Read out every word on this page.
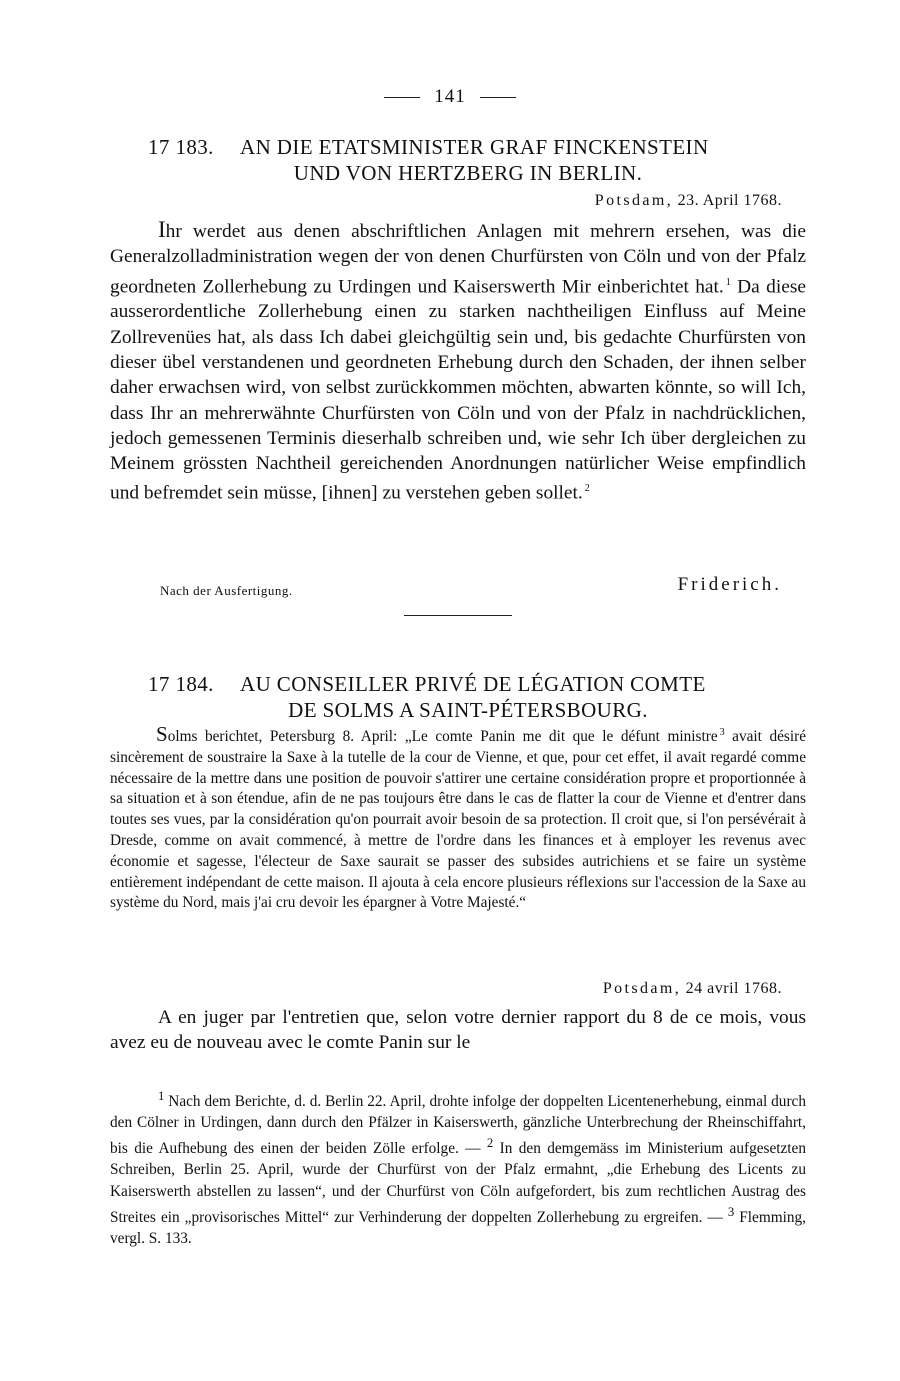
141
17 183. AN DIE ETATSMINISTER GRAF FINCKENSTEIN
UND VON HERTZBERG IN BERLIN.
Potsdam, 23. April 1768.

Ihr werdet aus denen abschriftlichen Anlagen mit mehrern ersehen, was die Generalzolladministration wegen der von denen Churfürsten von Cöln und von der Pfalz geordneten Zollerhebung zu Urdingen und Kaiserswerth Mir einberichtet hat. $^1$ Da diese ausserordentliche Zollerhebung einen zu starken nachtheiligen Einfluss auf Meine Zollrevenües hat, als dass Ich dabei gleichgültig sein und, bis gedachte Churfürsten von dieser übel verstandenen und geordneten Erhebung durch den Schaden, der ihnen selber daher erwachsen wird, von selbst zurückkommen möchten, abwarten könnte, so will Ich, dass Ihr an mehrerwähnte Churfürsten von Cöln und von der Pfalz in nachdrücklichen, jedoch gemessenen Terminis dieserhalb schreiben und, wie sehr Ich über dergleichen zu Meinem grössten Nachtheil gereichenden Anordnungen natürlicher Weise empfindlich und befremdet sein müsse, [ihnen] zu verstehen geben sollet. $^2$

Nach der Ausfertigung.	Friderich.
17 184. AU CONSEILLER PRIVÉ DE LÉGATION COMTE
DE SOLMS A SAINT-PÉTERSBOURG.

Solms berichtet, Petersburg 8. April: „Le comte Panin me dit que le défunt ministre $^3$ avait désiré sincèrement de soustraire la Saxe à la tutelle de la cour de Vienne, et que, pour cet effet, il avait regardé comme nécessaire de la mettre dans une position de pouvoir s'attirer une certaine considération propre et proportionnée à sa situation et à son étendue, afin de ne pas toujours être dans le cas de flatter la cour de Vienne et d'entrer dans toutes ses vues, par la considération qu'on pourrait avoir besoin de sa protection. Il croit que, si l'on persévérait à Dresde, comme on avait commencé, à mettre de l'ordre dans les finances et à employer les revenus avec économie et sagesse, l'électeur de Saxe saurait se passer des subsides autrichiens et se faire un système entièrement indépendant de cette maison. Il ajouta à cela encore plusieurs réflexions sur l'accession de la Saxe au système du Nord, mais j'ai cru devoir les épargner à Votre Majesté.“

Potsdam, 24 avril 1768.

A en juger par l'entretien que, selon votre dernier rapport du 8 de ce mois, vous avez eu de nouveau avec le comte Panin sur le

$^1$ Nach dem Berichte, d. d. Berlin 22. April, drohte infolge der doppelten Licentenerhebung, einmal durch den Cölner in Urdingen, dann durch den Pfälzer in Kaiserswerth, gänzliche Unterbrechung der Rheinschiffahrt, bis die Aufhebung des einen der beiden Zölle erfolge. — $^2$ In den demgemäss im Ministerium aufgesetzten Schreiben, Berlin 25. April, wurde der Churfürst von der Pfalz ermahnt, „die Erhebung des Licents zu Kaiserswerth abstellen zu lassen“, und der Churfürst von Cöln aufgefordert, bis zum rechtlichen Austrag des Streites ein „provisorisches Mittel“ zur Verhinderung der doppelten Zollerhebung zu ergreifen. — $^3$ Flemming, vergl. S. 133.
